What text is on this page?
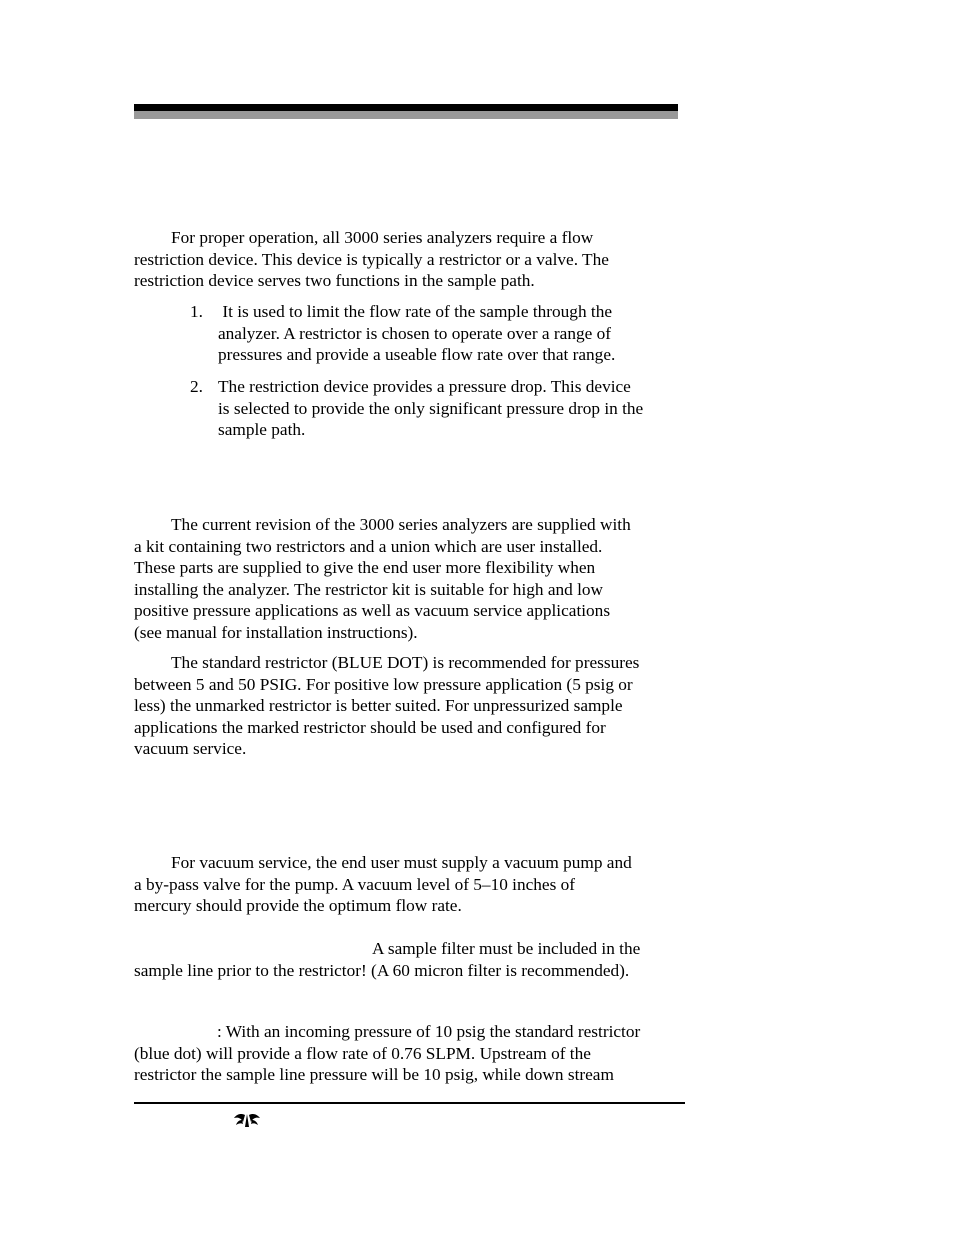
For proper operation, all 3000 series analyzers require a flow
restriction device. This device is typically a restrictor or a valve. The
restriction device serves two functions in the sample path.
1. It is used to limit the flow rate of the sample through the
analyzer. A restrictor is chosen to operate over a range of
pressures and provide a useable flow rate over that range.
2. The restriction device provides a pressure drop. This device
is selected to provide the only significant pressure drop in the
sample path.
The current revision of the 3000 series analyzers are supplied with
a kit containing two restrictors and a union which are user installed.
These parts are supplied to give the end user more flexibility when
installing the analyzer. The restrictor kit is suitable for high and low
positive pressure applications as well as vacuum service applications
(see manual for installation instructions).
The standard restrictor (BLUE DOT) is recommended for pressures
between 5 and 50 PSIG. For positive low pressure application (5 psig or
less) the unmarked restrictor is better suited. For unpressurized sample
applications the marked restrictor should be used and configured for
vacuum service.
For vacuum service, the end user must supply a vacuum pump and
a by-pass valve for the pump. A vacuum level of 5–10 inches of
mercury should provide the optimum flow rate.
A sample filter must be included in the
sample line prior to the restrictor! (A 60 micron filter is recommended).
: With an incoming pressure of 10 psig the standard restrictor
(blue dot) will provide a flow rate of 0.76 SLPM. Upstream of the
restrictor the sample line pressure will be 10 psig, while down stream
